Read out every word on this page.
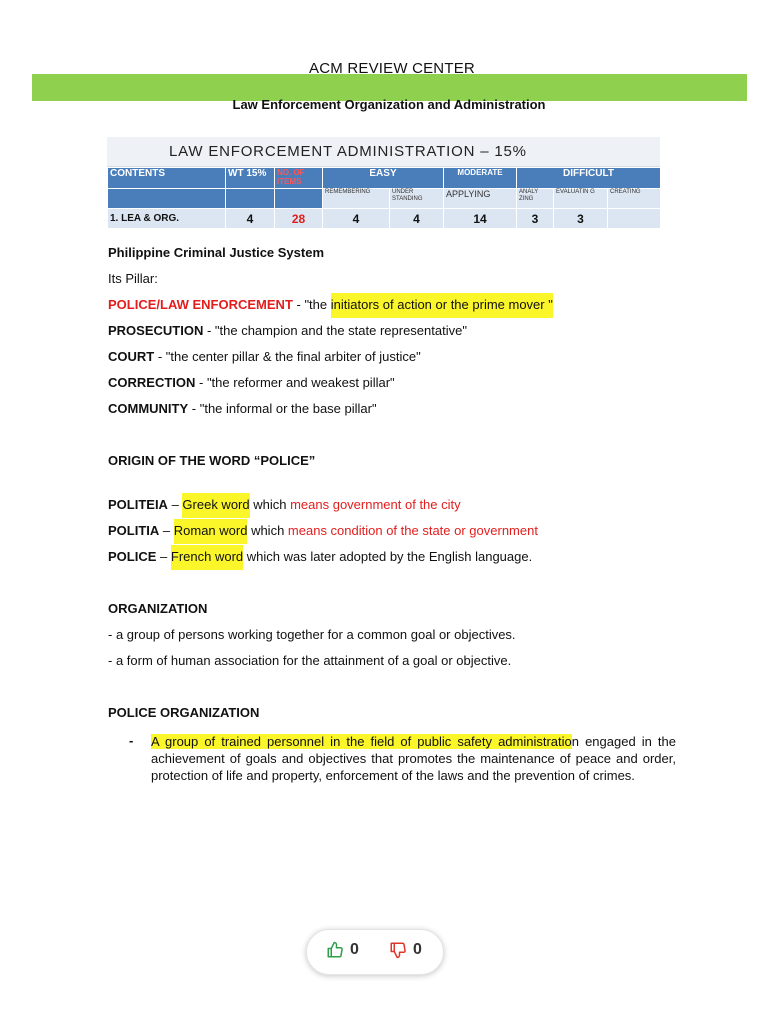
ACM REVIEW CENTER
Law Enforcement Organization and Administration
LAW ENFORCEMENT ADMINISTRATION – 15%
CONTENTS	WT 15%	NO. OF ITEMS	EASY		MODERATE	DIFFICULT		
			REMEMBERING	UNDER STANDING	APPLYING	ANALY ZING	EVALUATIN G	CREATING
1. LEA & ORG.	4	28	4	4	14	3	3	
Philippine Criminal Justice System
Its Pillar:
POLICE/LAW ENFORCEMENT - "the initiators of action or the prime mover "
PROSECUTION - "the champion and the state representative"
COURT - "the center pillar & the final arbiter of justice"
CORRECTION - "the reformer and weakest pillar"
COMMUNITY - "the informal or the base pillar"
ORIGIN OF THE WORD “POLICE”
POLITEIA – Greek word which means government of the city
POLITIA – Roman word which means condition of the state or government
POLICE – French word which was later adopted by the English language.
ORGANIZATION
- a group of persons working together for a common goal or objectives.
- a form of human association for the attainment of a goal or objective.
POLICE ORGANIZATION
- A group of trained personnel in the field of public safety administration engaged in the achievement of goals and objectives that promotes the maintenance of peace and order, protection of life and property, enforcement of the laws and the prevention of crimes.
0	0
